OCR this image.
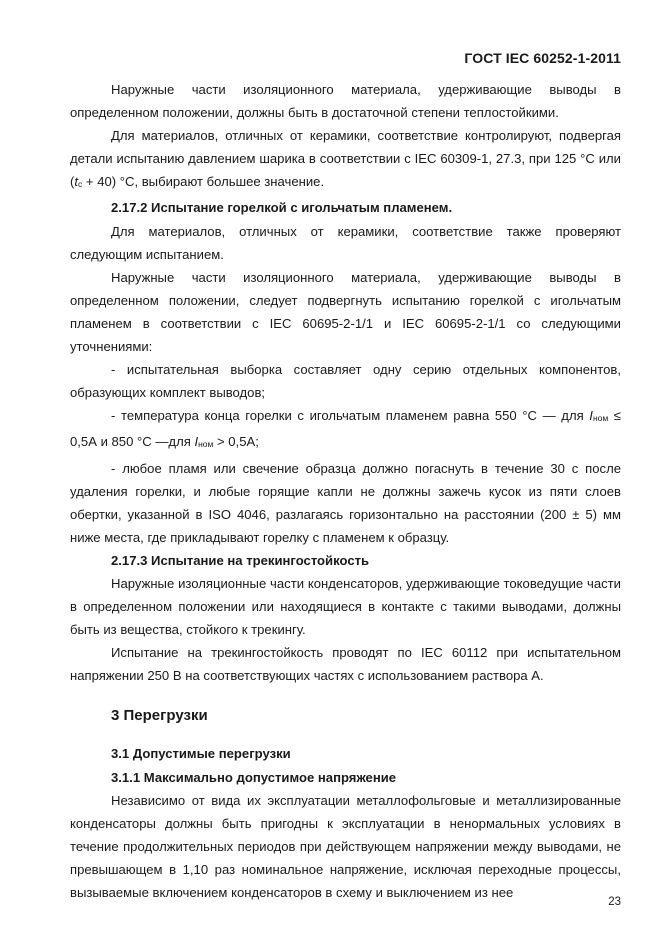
ГОСТ IEC 60252-1-2011

Наружные части изоляционного материала, удерживающие выводы в определенном положении, должны быть в достаточной степени теплостойкими.

Для материалов, отличных от керамики, соответствие контролируют, подвергая детали испытанию давлением шарика в соответствии с IEC 60309-1, 27.3, при 125 °C или (tc + 40) °C, выбирают большее значение.

2.17.2 Испытание горелкой с игольчатым пламенем.

Для материалов, отличных от керамики, соответствие также проверяют следующим испытанием.

Наружные части изоляционного материала, удерживающие выводы в определенном положении, следует подвергнуть испытанию горелкой с игольчатым пламенем в соответствии с IEC 60695-2-1/1 и IEC 60695-2-1/1 со следующими уточнениями:

- испытательная выборка составляет одну серию отдельных компонентов, образующих комплект выводов;

- температура конца горелки с игольчатым пламенем равна 550 °C — для Iном ≤ 0,5А и 850 °C —для Iном > 0,5А;

- любое пламя или свечение образца должно погаснуть в течение 30 с после удаления горелки, и любые горящие капли не должны зажечь кусок из пяти слоев обертки, указанной в ISO 4046, разлагаясь горизонтально на расстоянии (200 ± 5) мм ниже места, где прикладывают горелку с пламенем к образцу.

2.17.3 Испытание на трекингостойкость

Наружные изоляционные части конденсаторов, удерживающие токоведущие части в определенном положении или находящиеся в контакте с такими выводами, должны быть из вещества, стойкого к трекингу.

Испытание на трекингостойкость проводят по IEC 60112 при испытательном напряжении 250 В на соответствующих частях с использованием раствора А.

3 Перегрузки
3.1 Допустимые перегрузки
3.1.1 Максимально допустимое напряжение

Независимо от вида их эксплуатации металлофольговые и металлизированные конденсаторы должны быть пригодны к эксплуатации в ненормальных условиях в течение продолжительных периодов при действующем напряжении между выводами, не превышающем в 1,10 раз номинальное напряжение, исключая переходные процессы, вызываемые включением конденсаторов в схему и выключением из нее

23
